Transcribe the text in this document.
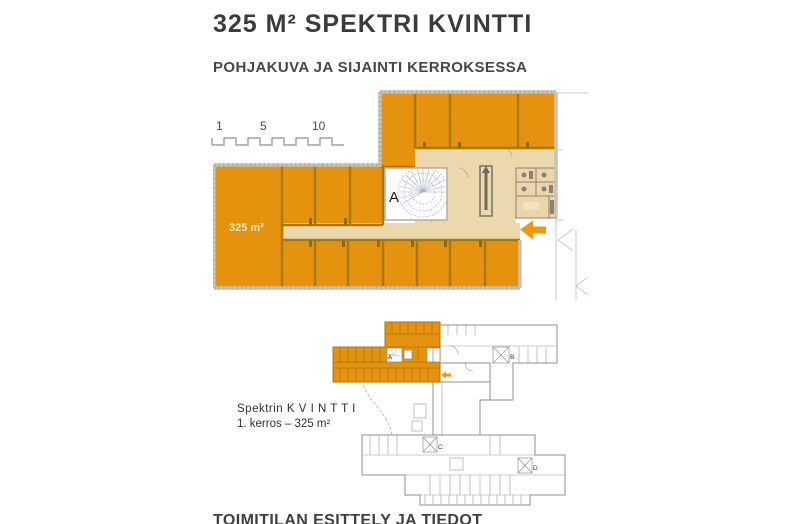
325 M² SPEKTRI KVINTTI
POHJAKUVA JA SIJAINTI KERROKSESSA
1	5	10
A
325 m²
B
C
D
A
Spektrin K V I N T T I
1. kerros – 325 m²
TOIMITILAN ESITTELY JA TIEDOT
